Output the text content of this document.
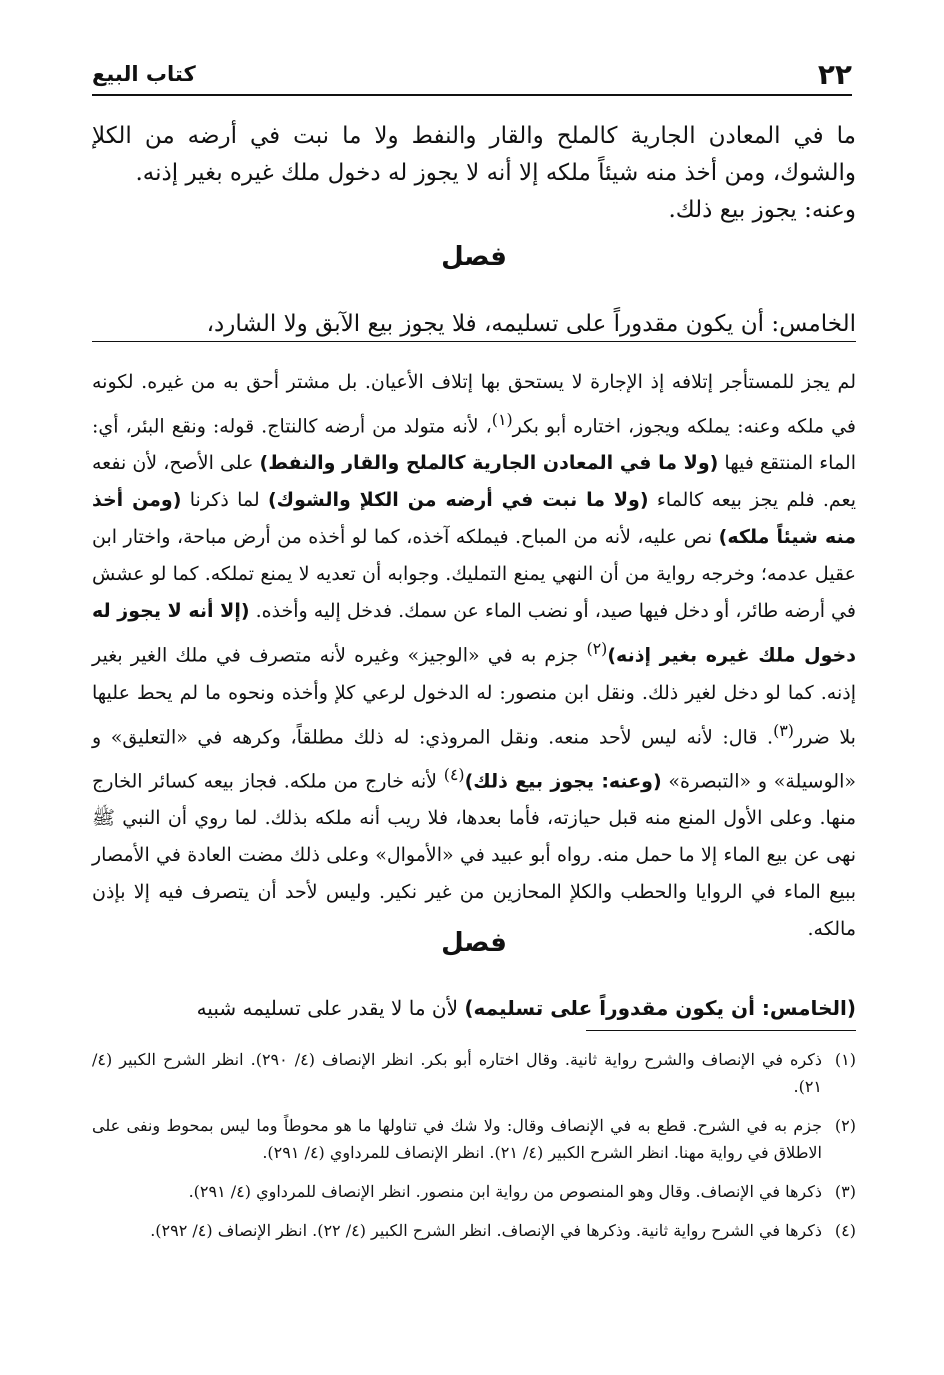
٢٢
كتاب البيع

ما في المعادن الجارية كالملح والقار والنفط ولا ما نبت في أرضه من الكلإ والشوك، ومن أخذ منه شيئاً ملكه إلا أنه لا يجوز له دخول ملك غيره بغير إذنه.

وعنه: يجوز بيع ذلك.

فصل

الخامس: أن يكون مقدوراً على تسليمه، فلا يجوز بيع الآبق ولا الشارد،

لم يجز للمستأجر إتلافه إذ الإجارة لا يستحق بها إتلاف الأعيان. بل مشتر أحق به من غيره. لكونه في ملكه وعنه: يملكه ويجوز، اختاره أبو بكر$^{(١)}$، لأنه متولد من أرضه كالنتاج. قوله: ونقع البئر، أي: الماء المنتقع فيها (ولا ما في المعادن الجارية كالملح والقار والنفط) على الأصح، لأن نفعه يعم. فلم يجز بيعه كالماء (ولا ما نبت في أرضه من الكلإ والشوك) لما ذكرنا (ومن أخذ منه شيئاً ملكه) نص عليه، لأنه من المباح. فيملكه آخذه، كما لو أخذه من أرض مباحة، واختار ابن عقيل عدمه؛ وخرجه رواية من أن النهي يمنع التمليك. وجوابه أن تعديه لا يمنع تملكه. كما لو عشش في أرضه طائر، أو دخل فيها صيد، أو نضب الماء عن سمك. فدخل إليه وأخذه. (إلا أنه لا يجوز له دخول ملك غيره بغير إذنه)$^{(٢)}$ جزم به في «الوجيز» وغيره لأنه متصرف في ملك الغير بغير إذنه. كما لو دخل لغير ذلك. ونقل ابن منصور: له الدخول لرعي كلإ وأخذه ونحوه ما لم يحط عليها بلا ضرر$^{(٣)}$. قال: لأنه ليس لأحد منعه. ونقل المروذي: له ذلك مطلقاً، وكرهه في «التعليق» و «الوسيلة» و «التبصرة» (وعنه: يجوز بيع ذلك)$^{(٤)}$ لأنه خارج من ملكه. فجاز بيعه كسائر الخارج منها. وعلى الأول المنع منه قبل حيازته، فأما بعدها، فلا ريب أنه ملكه بذلك. لما روي أن النبي ﷺ نهى عن بيع الماء إلا ما حمل منه. رواه أبو عبيد في «الأموال» وعلى ذلك مضت العادة في الأمصار ببيع الماء في الروايا والحطب والكلإ المحازين من غير نكير. وليس لأحد أن يتصرف فيه إلا بإذن مالكه.

فصل

(الخامس: أن يكون مقدوراً على تسليمه) لأن ما لا يقدر على تسليمه شبيه

(١)
ذكره في الإنصاف والشرح رواية ثانية. وقال اختاره أبو بكر. انظر الإنصاف (٤/ ٢٩٠). انظر الشرح الكبير (٤/ ٢١).

(٢)
جزم به في الشرح. قطع به في الإنصاف وقال: ولا شك في تناولها ما هو محوطاً وما ليس بمحوط ونفى على الاطلاق في رواية مهنا. انظر الشرح الكبير (٤/ ٢١). انظر الإنصاف للمرداوي (٤/ ٢٩١).

(٣)
ذكرها في الإنصاف. وقال وهو المنصوص من رواية ابن منصور. انظر الإنصاف للمرداوي (٤/ ٢٩١).

(٤)
ذكرها في الشرح رواية ثانية. وذكرها في الإنصاف. انظر الشرح الكبير (٤/ ٢٢). انظر الإنصاف (٤/ ٢٩٢).
